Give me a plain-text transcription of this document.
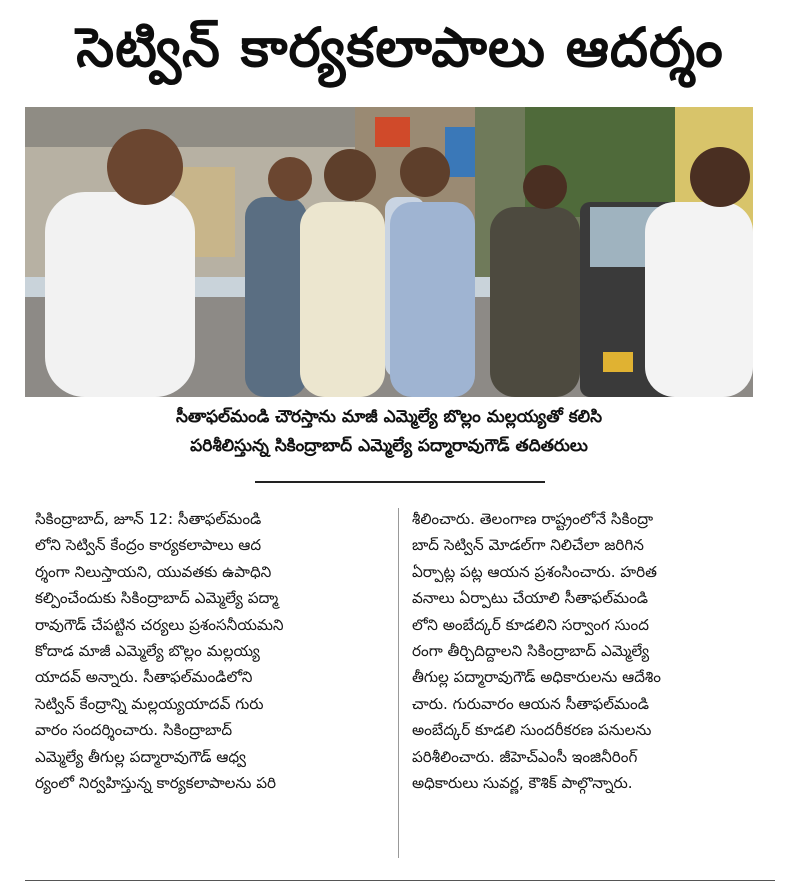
సెట్విన్ కార్యకలాపాలు ఆదర్శం
సీతాఫల్‌మండి చౌరస్తాను మాజీ ఎమ్మెల్యే బొల్లం మల్లయ్యతో కలిసి
పరిశీలిస్తున్న సికింద్రాబాద్ ఎమ్మెల్యే పద్మారావుగౌడ్ తదితరులు
సికింద్రాబాద్, జూన్ 12: సీతాఫల్‌మండి
లోని సెట్విన్ కేంద్రం కార్యకలాపాలు ఆద
ర్శంగా నిలుస్తాయని, యువతకు ఉపాధిని
కల్పించేందుకు సికింద్రాబాద్ ఎమ్మెల్యే పద్మా
రావుగౌడ్ చేపట్టిన చర్యలు ప్రశంసనీయమని
కోదాడ మాజీ ఎమ్మెల్యే బొల్లం మల్లయ్య
యాదవ్ అన్నారు. సీతాఫల్‌మండిలోని
సెట్విన్ కేంద్రాన్ని మల్లయ్యయాదవ్ గురు
వారం సందర్శించారు. సికింద్రాబాద్
ఎమ్మెల్యే తీగుల్ల పద్మారావుగౌడ్ ఆధ్వ
ర్యంలో నిర్వహిస్తున్న కార్యకలాపాలను పరి
శీలించారు. తెలంగాణ రాష్ట్రంలోనే సికింద్రా
బాద్ సెట్విన్ మోడల్‌గా నిలిచేలా జరిగిన
ఏర్పాట్ల పట్ల ఆయన ప్రశంసించారు. హరిత
వనాలు ఏర్పాటు చేయాలి సీతాఫల్‌మండి
లోని అంబేద్కర్ కూడలిని సర్వాంగ సుంద
రంగా తీర్చిదిద్దాలని సికింద్రాబాద్ ఎమ్మెల్యే
తీగుల్ల పద్మారావుగౌడ్ అధికారులను ఆదేశిం
చారు. గురువారం ఆయన సీతాఫల్‌మండి
అంబేద్కర్ కూడలి సుందరీకరణ పనులను
పరిశీలించారు. జీహెచ్ఎంసీ ఇంజినీరింగ్
అధికారులు సువర్ణ, కౌశిక్ పాల్గొన్నారు.
